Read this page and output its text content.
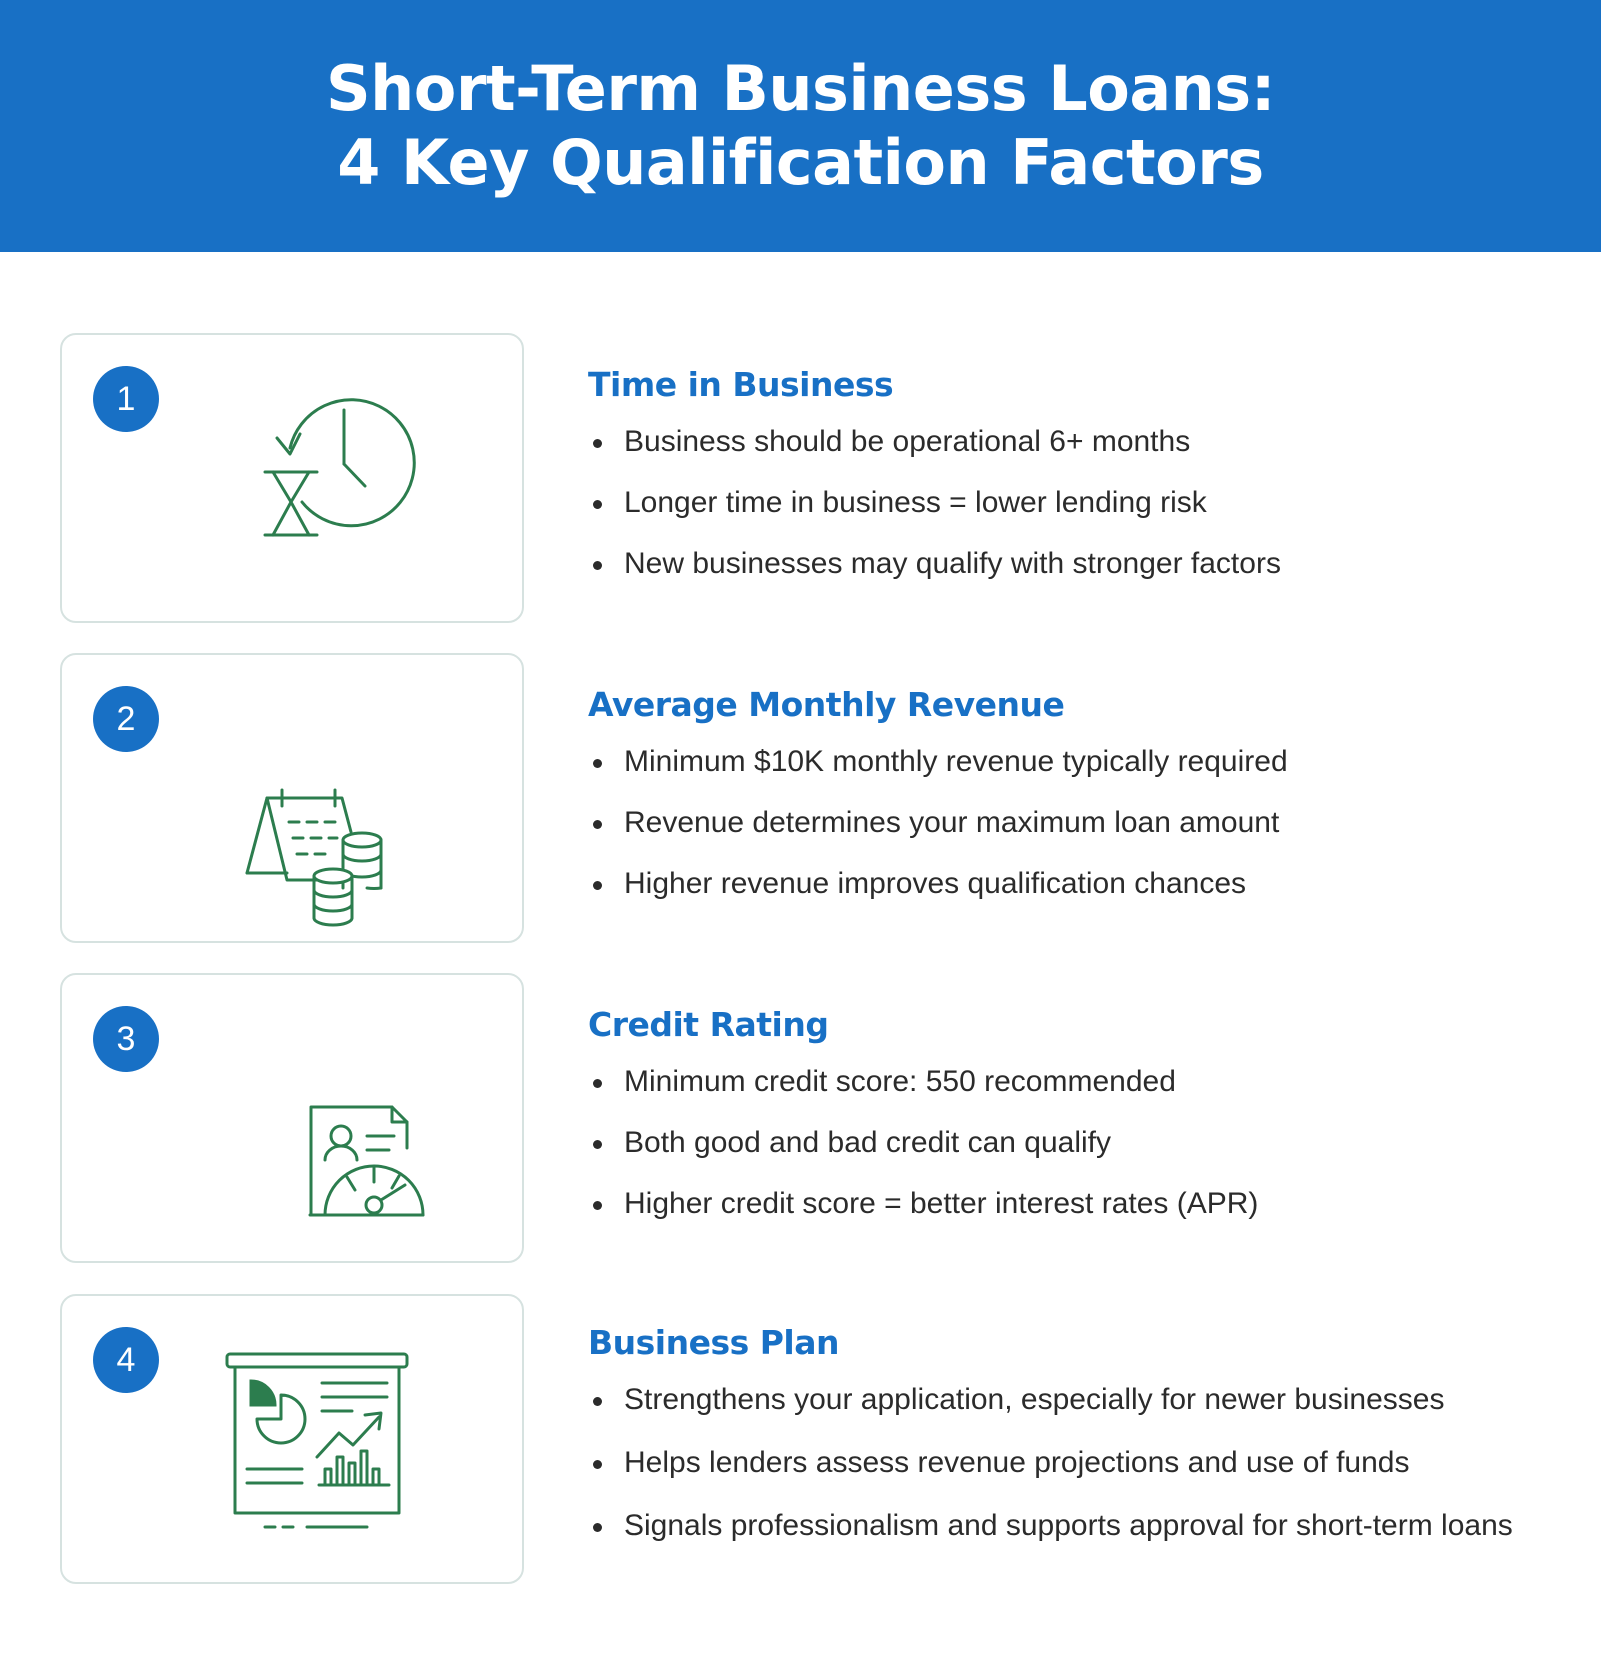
Short-Term Business Loans:
4 Key Qualification Factors
1	Time in Business
Business should be operational 6+ months
Longer time in business = lower lending risk
New businesses may qualify with stronger factors
2	Average Monthly Revenue
Minimum $10K monthly revenue typically required
Revenue determines your maximum loan amount
Higher revenue improves qualification chances
3	Credit Rating
Minimum credit score: 550 recommended
Both good and bad credit can qualify
Higher credit score = better interest rates (APR)
4	Business Plan
Strengthens your application, especially for newer businesses
Helps lenders assess revenue projections and use of funds
Signals professionalism and supports approval for short-term loans
